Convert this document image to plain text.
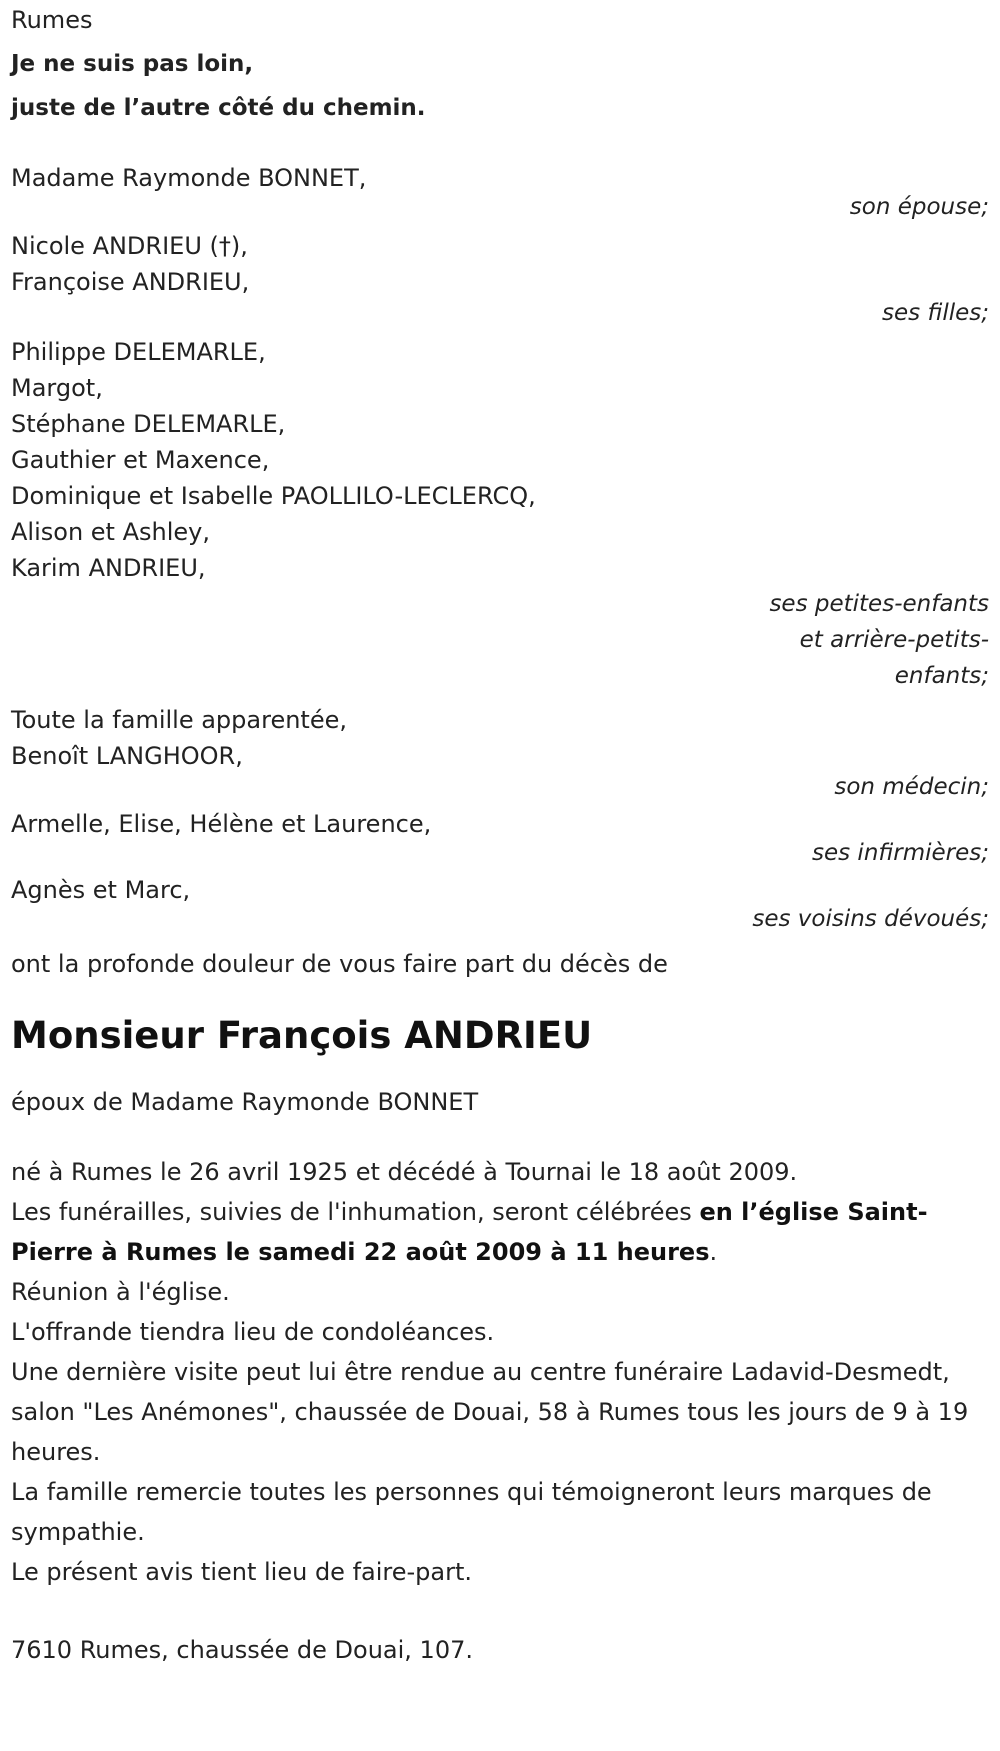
Rumes
Je ne suis pas loin,
juste de l’autre côté du chemin.
Madame Raymonde BONNET,
son épouse;
Nicole ANDRIEU (†),
Françoise ANDRIEU,
ses filles;
Philippe DELEMARLE,
Margot,
Stéphane DELEMARLE,
Gauthier et Maxence,
Dominique et Isabelle PAOLLILO-LECLERCQ,
Alison et Ashley,
Karim ANDRIEU,
ses petites-enfants
et arrière-petits-
enfants;
Toute la famille apparentée,
Benoît LANGHOOR,
son médecin;
Armelle, Elise, Hélène et Laurence,
ses infirmières;
Agnès et Marc,
ses voisins dévoués;
ont la profonde douleur de vous faire part du décès de
Monsieur François ANDRIEU
époux de Madame Raymonde BONNET
né à Rumes le 26 avril 1925 et décédé à Tournai le 18 août 2009.
Les funérailles, suivies de l'inhumation, seront célébrées en l’église Saint-Pierre à Rumes le samedi 22 août 2009 à 11 heures.
Réunion à l'église.
L'offrande tiendra lieu de condoléances.
Une dernière visite peut lui être rendue au centre funéraire Ladavid-Desmedt, salon "Les Anémones", chaussée de Douai, 58 à Rumes tous les jours de 9 à 19 heures.
La famille remercie toutes les personnes qui témoigneront leurs marques de sympathie.
Le présent avis tient lieu de faire-part.
7610 Rumes, chaussée de Douai, 107.
